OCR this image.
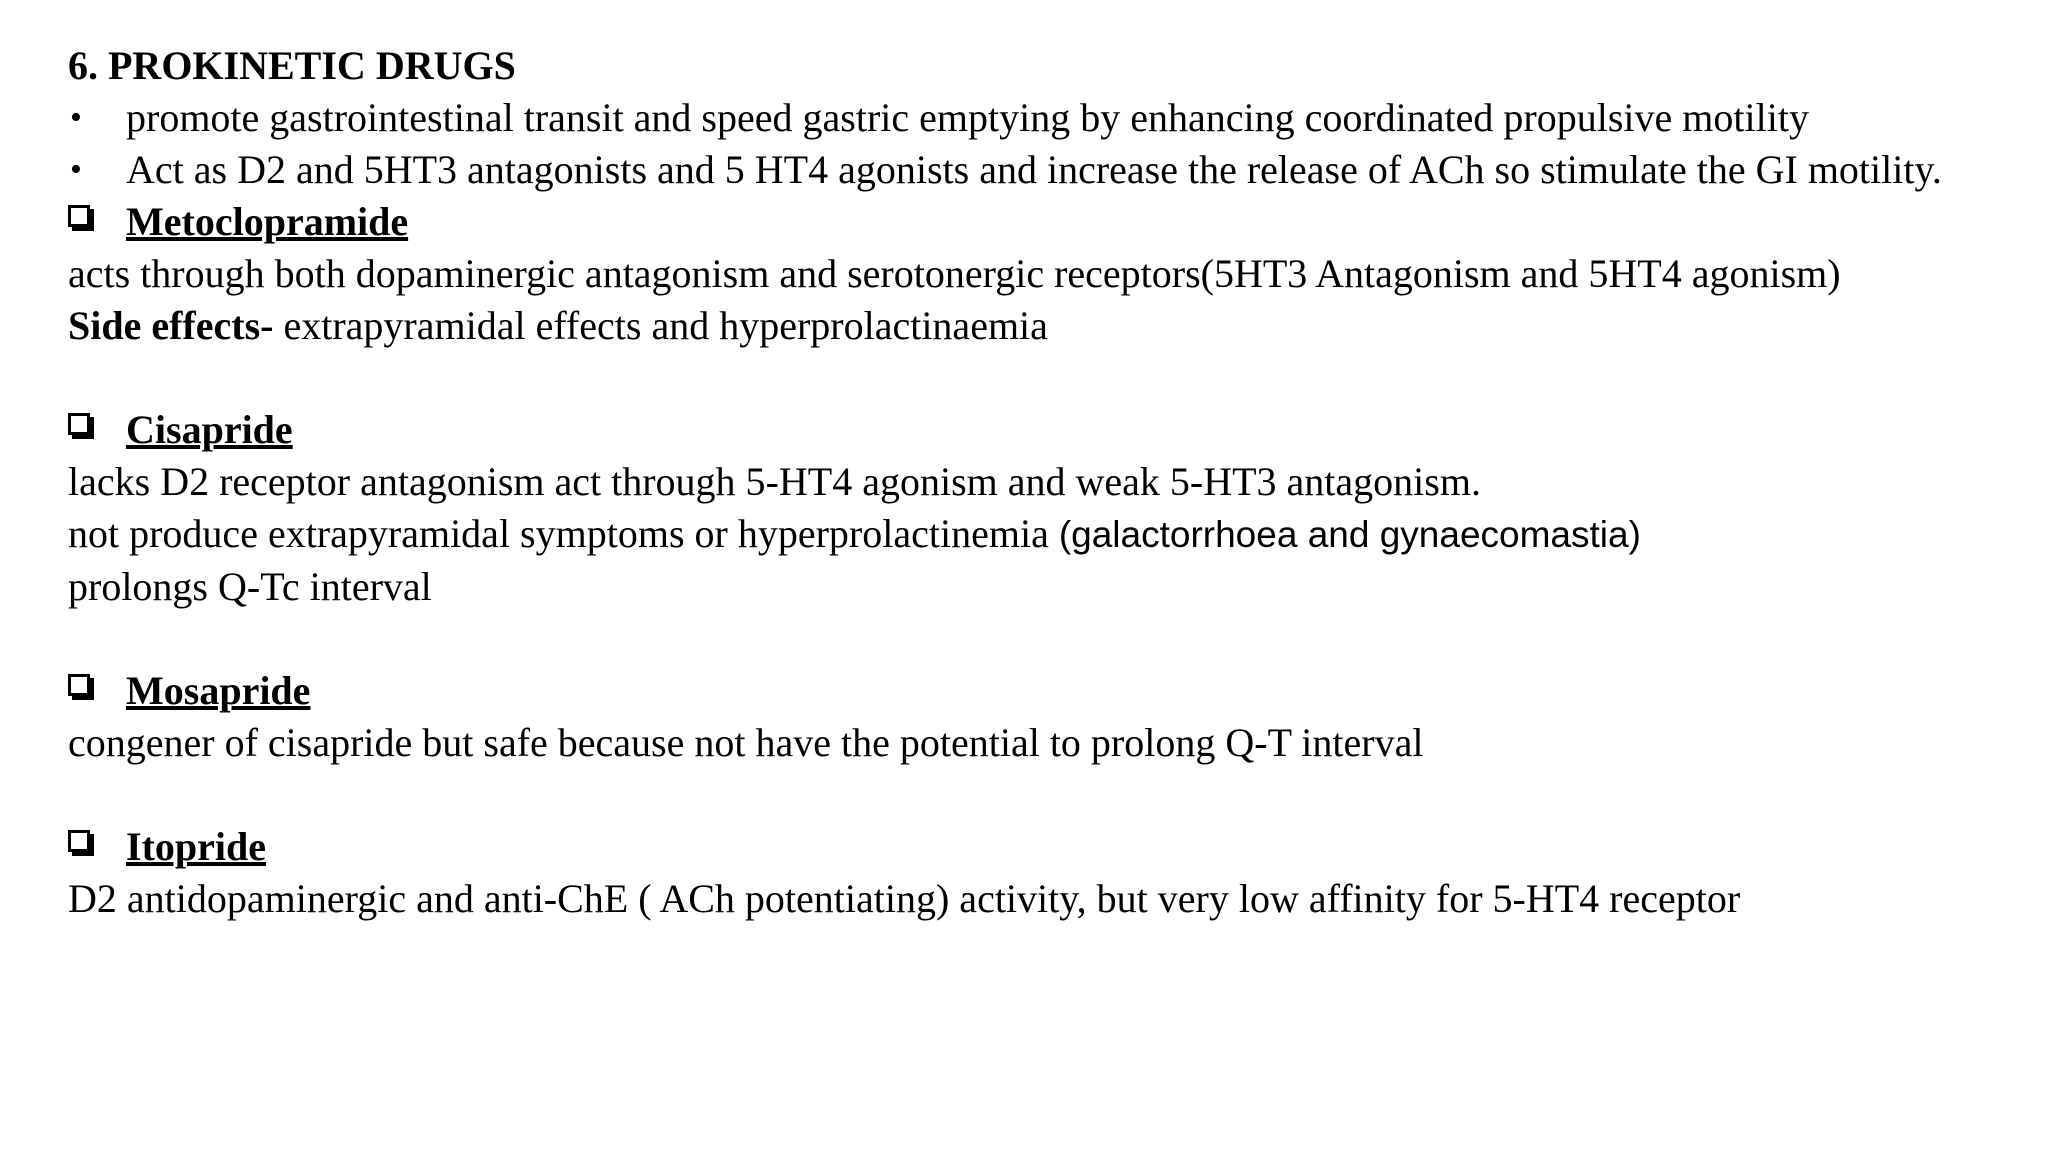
6. PROKINETIC DRUGS
• promote gastrointestinal transit and speed gastric emptying by enhancing coordinated propulsive motility
• Act as D2 and 5HT3 antagonists and 5 HT4 agonists and increase the release of ACh so stimulate the GI motility.
Metoclopramide

acts through both dopaminergic antagonism and serotonergic receptors(5HT3 Antagonism and 5HT4 agonism)

Side effects- extrapyramidal effects and hyperprolactinaemia

Cisapride

lacks D2 receptor antagonism act through 5-HT4 agonism and weak 5-HT3 antagonism.

not produce extrapyramidal symptoms or hyperprolactinemia (galactorrhoea and gynaecomastia)

prolongs Q-Tc interval

Mosapride

congener of cisapride but safe because not have the potential to prolong Q-T interval

Itopride

D2 antidopaminergic and anti-ChE ( ACh potentiating) activity, but very low affinity for 5-HT4 receptor
